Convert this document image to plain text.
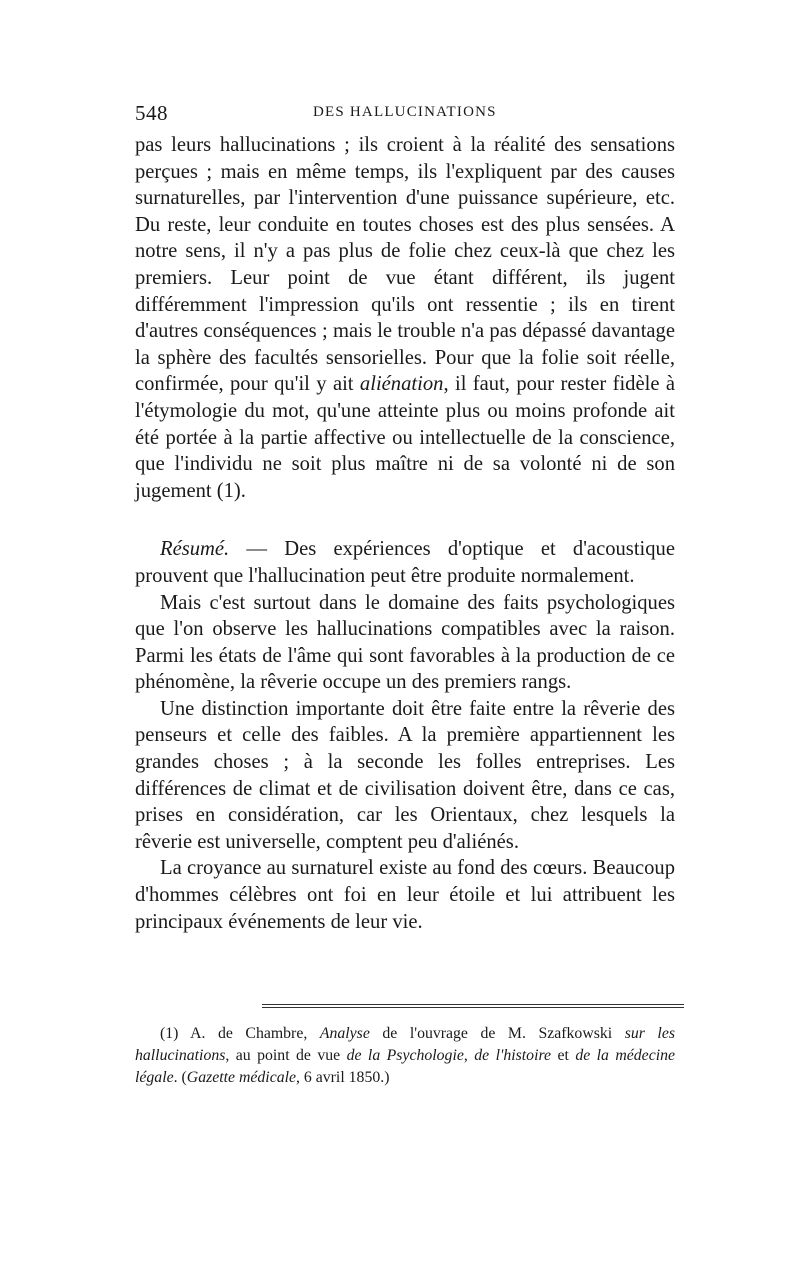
548	DES HALLUCINATIONS

pas leurs hallucinations ; ils croient à la réalité des sensations perçues ; mais en même temps, ils l'expliquent par des causes surnaturelles, par l'intervention d'une puissance supérieure, etc. Du reste, leur conduite en toutes choses est des plus sensées. A notre sens, il n'y a pas plus de folie chez ceux-là que chez les premiers. Leur point de vue étant différent, ils jugent différemment l'impression qu'ils ont ressentie ; ils en tirent d'autres conséquences ; mais le trouble n'a pas dépassé davantage la sphère des facultés sensorielles. Pour que la folie soit réelle, confirmée, pour qu'il y ait aliénation, il faut, pour rester fidèle à l'étymologie du mot, qu'une atteinte plus ou moins profonde ait été portée à la partie affective ou intellectuelle de la conscience, que l'individu ne soit plus maître ni de sa volonté ni de son jugement (1).

Résumé. — Des expériences d'optique et d'acoustique prouvent que l'hallucination peut être produite normalement.

Mais c'est surtout dans le domaine des faits psychologiques que l'on observe les hallucinations compatibles avec la raison. Parmi les états de l'âme qui sont favorables à la production de ce phénomène, la rêverie occupe un des premiers rangs.

Une distinction importante doit être faite entre la rêverie des penseurs et celle des faibles. A la première appartiennent les grandes choses ; à la seconde les folles entreprises. Les différences de climat et de civilisation doivent être, dans ce cas, prises en considération, car les Orientaux, chez lesquels la rêverie est universelle, comptent peu d'aliénés.

La croyance au surnaturel existe au fond des cœurs. Beaucoup d'hommes célèbres ont foi en leur étoile et lui attribuent les principaux événements de leur vie.

(1) A. de Chambre, Analyse de l'ouvrage de M. Szafkowski sur les hallucinations, au point de vue de la Psychologie, de l'histoire et de la médecine légale. (Gazette médicale, 6 avril 1850.)
